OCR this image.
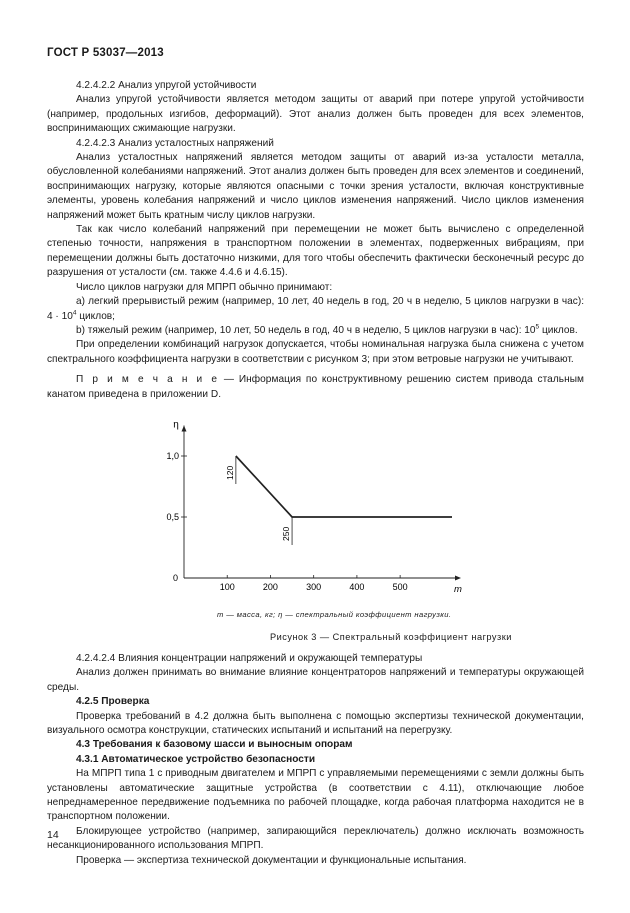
ГОСТ Р 53037—2013

4.2.4.2.2 Анализ упругой устойчивости

Анализ упругой устойчивости является методом защиты от аварий при потере упругой устойчивости (например, продольных изгибов, деформаций). Этот анализ должен быть проведен для всех элементов, воспринимающих сжимающие нагрузки.

4.2.4.2.3 Анализ усталостных напряжений

Анализ усталостных напряжений является методом защиты от аварий из-за усталости металла, обусловленной колебаниями напряжений. Этот анализ должен быть проведен для всех элементов и соединений, воспринимающих нагрузку, которые являются опасными с точки зрения усталости, включая конструктивные элементы, уровень колебания напряжений и число циклов изменения напряжений. Число циклов изменения напряжений может быть кратным числу циклов нагрузки.

Так как число колебаний напряжений при перемещении не может быть вычислено с определенной степенью точности, напряжения в транспортном положении в элементах, подверженных вибрациям, при перемещении должны быть достаточно низкими, для того чтобы обеспечить фактически бесконечный ресурс до разрушения от усталости (см. также 4.4.6 и 4.6.15).

Число циклов нагрузки для МПРП обычно принимают:

а) легкий прерывистый режим (например, 10 лет, 40 недель в год, 20 ч в неделю, 5 циклов нагрузки в час): $4 \cdot 10^4$ циклов;

b) тяжелый режим (например, 10 лет, 50 недель в год, 40 ч в неделю, 5 циклов нагрузки в час): $10^5$ циклов.

При определении комбинаций нагрузок допускается, чтобы номинальная нагрузка была снижена с учетом спектрального коэффициента нагрузки в соответствии с рисунком 3; при этом ветровые нагрузки не учитывают.

П р и м е ч а н и е — Информация по конструктивному решению систем привода стальным канатом приведена в приложении D.

η
m
100	200	300	400	500
0
0,5
1,0
120
250
m — масса, кг; η — спектральный коэффициент нагрузки.
Рисунок 3 — Спектральный коэффициент нагрузки

4.2.4.2.4 Влияния концентрации напряжений и окружающей температуры

Анализ должен принимать во внимание влияние концентраторов напряжений и температуры окружающей среды.

4.2.5 Проверка

Проверка требований в 4.2 должна быть выполнена с помощью экспертизы технической документации, визуального осмотра конструкции, статических испытаний и испытаний на перегрузку.

4.3 Требования к базовому шасси и выносным опорам

4.3.1 Автоматическое устройство безопасности

На МПРП типа 1 с приводным двигателем и МПРП с управляемыми перемещениями с земли должны быть установлены автоматические защитные устройства (в соответствии с 4.11), отключающие любое непреднамеренное передвижение подъемника по рабочей площадке, когда рабочая платформа находится не в транспортном положении.

Блокирующее устройство (например, запирающийся переключатель) должно исключать возможность несанкционированного использования МПРП.

Проверка — экспертиза технической документации и функциональные испытания.

14
